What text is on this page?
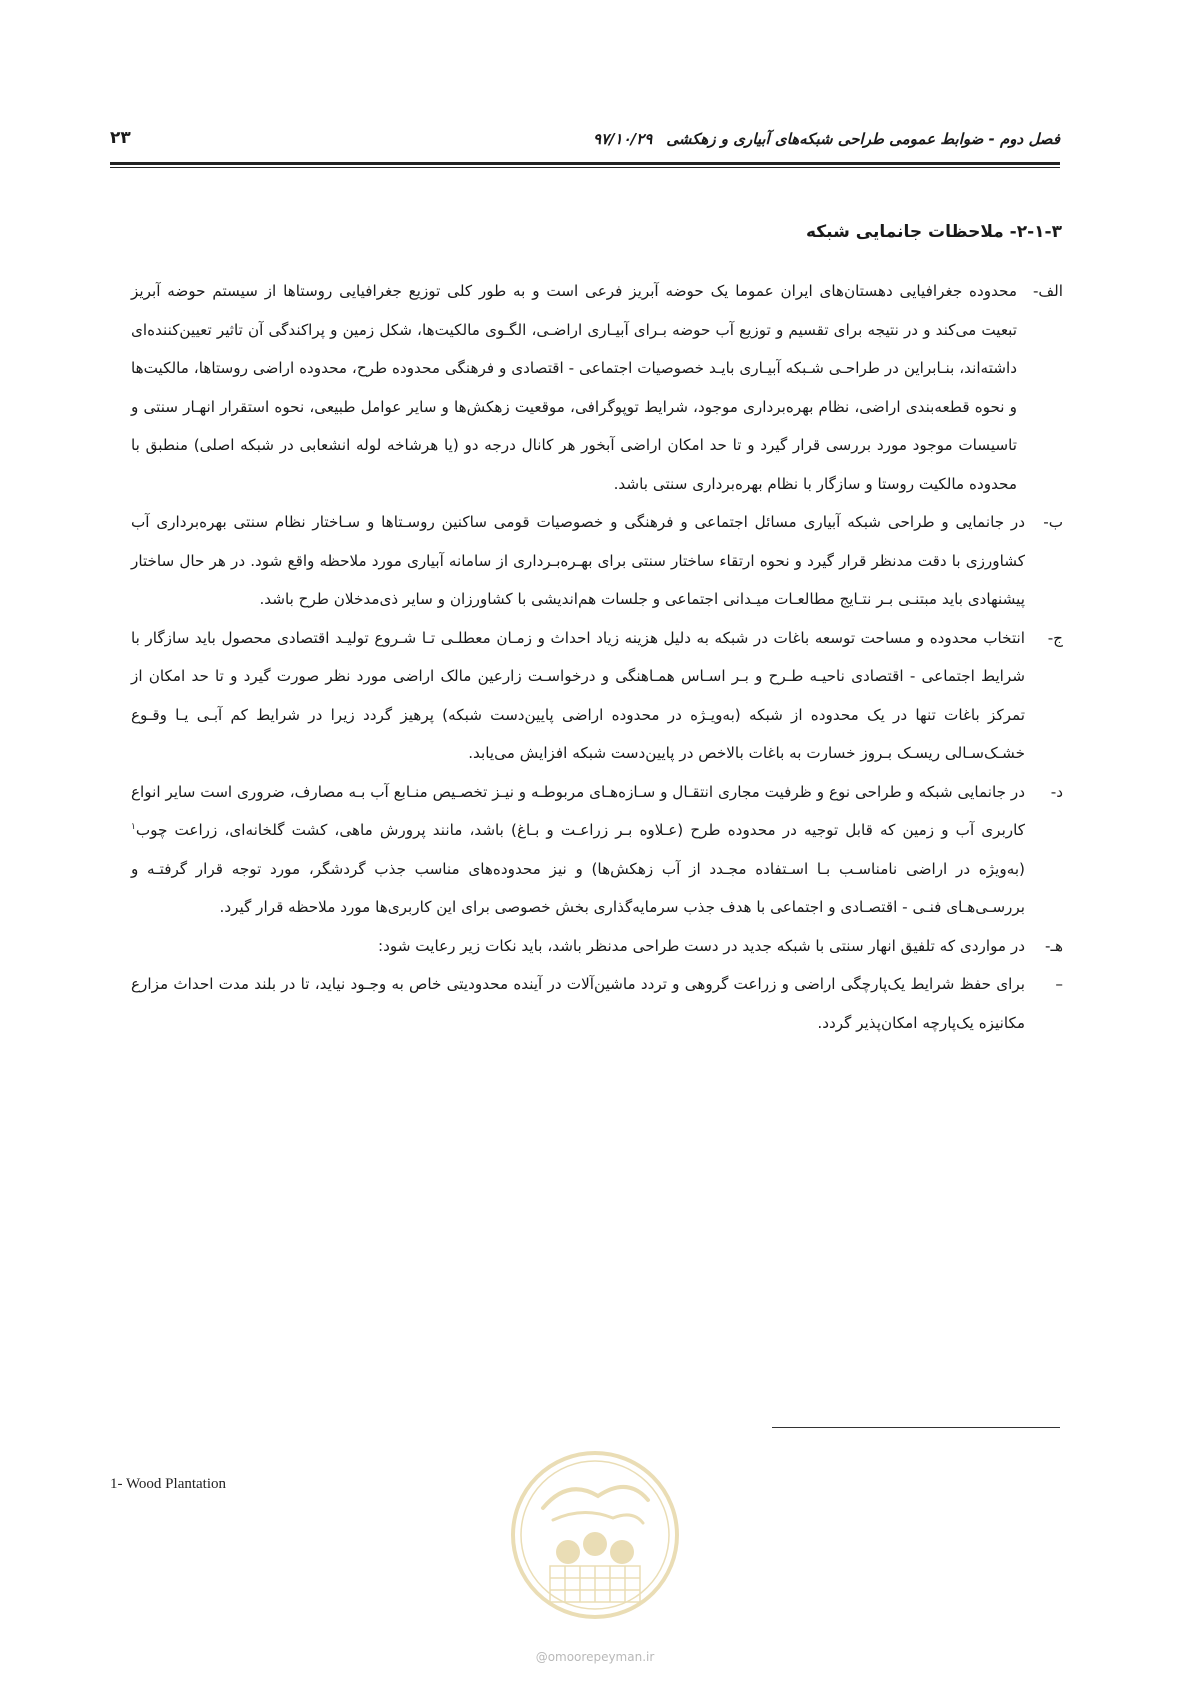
فصل دوم - ضوابط عمومی طراحی شبکه‌های آبیاری و زهکشی۹۷/۱۰/۲۹
۲۳
۲-۱-۳- ملاحظات جانمایی شبکه
الف-
محدوده جغرافیایی دهستان‌های ایران عموما یک حوضه آبریز فرعی است و به طور کلی توزیع جغرافیایی روستاها از سیستم حوضه آبریز تبعیت می‌کند و در نتیجه برای تقسیم و توزیع آب حوضه بـرای آبیـاری اراضـی، الگـوی مالکیت‌ها، شکل زمین و پراکندگی آن تاثیر تعیین‌کننده‌ای داشته‌اند، بنـابراین در طراحـی شـبکه آبیـاری بایـد خصوصیات اجتماعی - اقتصادی و فرهنگی محدوده طرح، محدوده اراضی روستاها، مالکیت‌ها و نحوه قطعه‌بندی اراضی، نظام بهره‌برداری موجود، شرایط توپوگرافی، موقعیت زهکش‌ها و سایر عوامل طبیعی، نحوه استقرار انهـار سنتی و تاسیسات موجود مورد بررسی قرار گیرد و تا حد امکان اراضی آبخور هر کانال درجه دو (یا هرشاخه لوله انشعابی در شبکه اصلی) منطبق با محدوده مالکیت روستا و سازگار با نظام بهره‌برداری سنتی باشد.
ب-
در جانمایی و طراحی شبکه آبیاری مسائل اجتماعی و فرهنگی و خصوصیات قومی ساکنین روسـتاها و سـاختار نظام سنتی بهره‌برداری آب کشاورزی با دقت مدنظر قرار گیرد و نحوه ارتقاء ساختار سنتی برای بهـره‌بـرداری از سامانه آبیاری مورد ملاحظه واقع شود. در هر حال ساختار پیشنهادی باید مبتنـی بـر نتـایج مطالعـات میـدانی اجتماعی و جلسات هم‌اندیشی با کشاورزان و سایر ذی‌مدخلان طرح باشد.
ج-
انتخاب محدوده و مساحت توسعه باغات در شبکه به دلیل هزینه زیاد احداث و زمـان معطلـی تـا شـروع تولیـد اقتصادی محصول باید سازگار با شرایط اجتماعی - اقتصادی ناحیـه طـرح و بـر اسـاس همـاهنگی و درخواسـت زارعین مالک اراضی مورد نظر صورت گیرد و تا حد امکان از تمرکز باغات تنها در یک محدوده از شبکه (به‌ویـژه در محدوده اراضی پایین‌دست شبکه) پرهیز گردد زیرا در شرایط کم آبـی یـا وقـوع خشـک‌سـالی ریسـک بـروز خسارت به باغات بالاخص در پایین‌دست شبکه افزایش می‌یابد.
د-
در جانمایی شبکه و طراحی نوع و ظرفیت مجاری انتقـال و سـازه‌هـای مربوطـه و نیـز تخصـیص منـابع آب بـه مصارف، ضروری است سایر انواع کاربری آب و زمین که قابل توجیه در محدوده طرح (عـلاوه بـر زراعـت و بـاغ) باشد، مانند پرورش ماهی، کشت گلخانه‌ای، زراعت چوب$^۱$ (به‌ویژه در اراضی نامناسـب بـا اسـتفاده مجـدد از آب زهکش‌ها) و نیز محدوده‌های مناسب جذب گردشگر، مورد توجه قرار گرفتـه و بررسـی‌هـای فنـی - اقتصـادی و اجتماعی با هدف جذب سرمایه‌گذاری بخش خصوصی برای این کاربری‌ها مورد ملاحظه قرار گیرد.
هـ-
در مواردی که تلفیق انهار سنتی با شبکه جدید در دست طراحی مدنظر باشد، باید نکات زیر رعایت شود:
–
برای حفظ شرایط یک‌پارچگی اراضی و زراعت گروهی و تردد ماشین‌آلات در آینده محدودیتی خاص به وجـود نیاید، تا در بلند مدت احداث مزارع مکانیزه یک‌پارچه امکان‌پذیر گردد.
1- Wood Plantation
@omoorepeyman.ir
